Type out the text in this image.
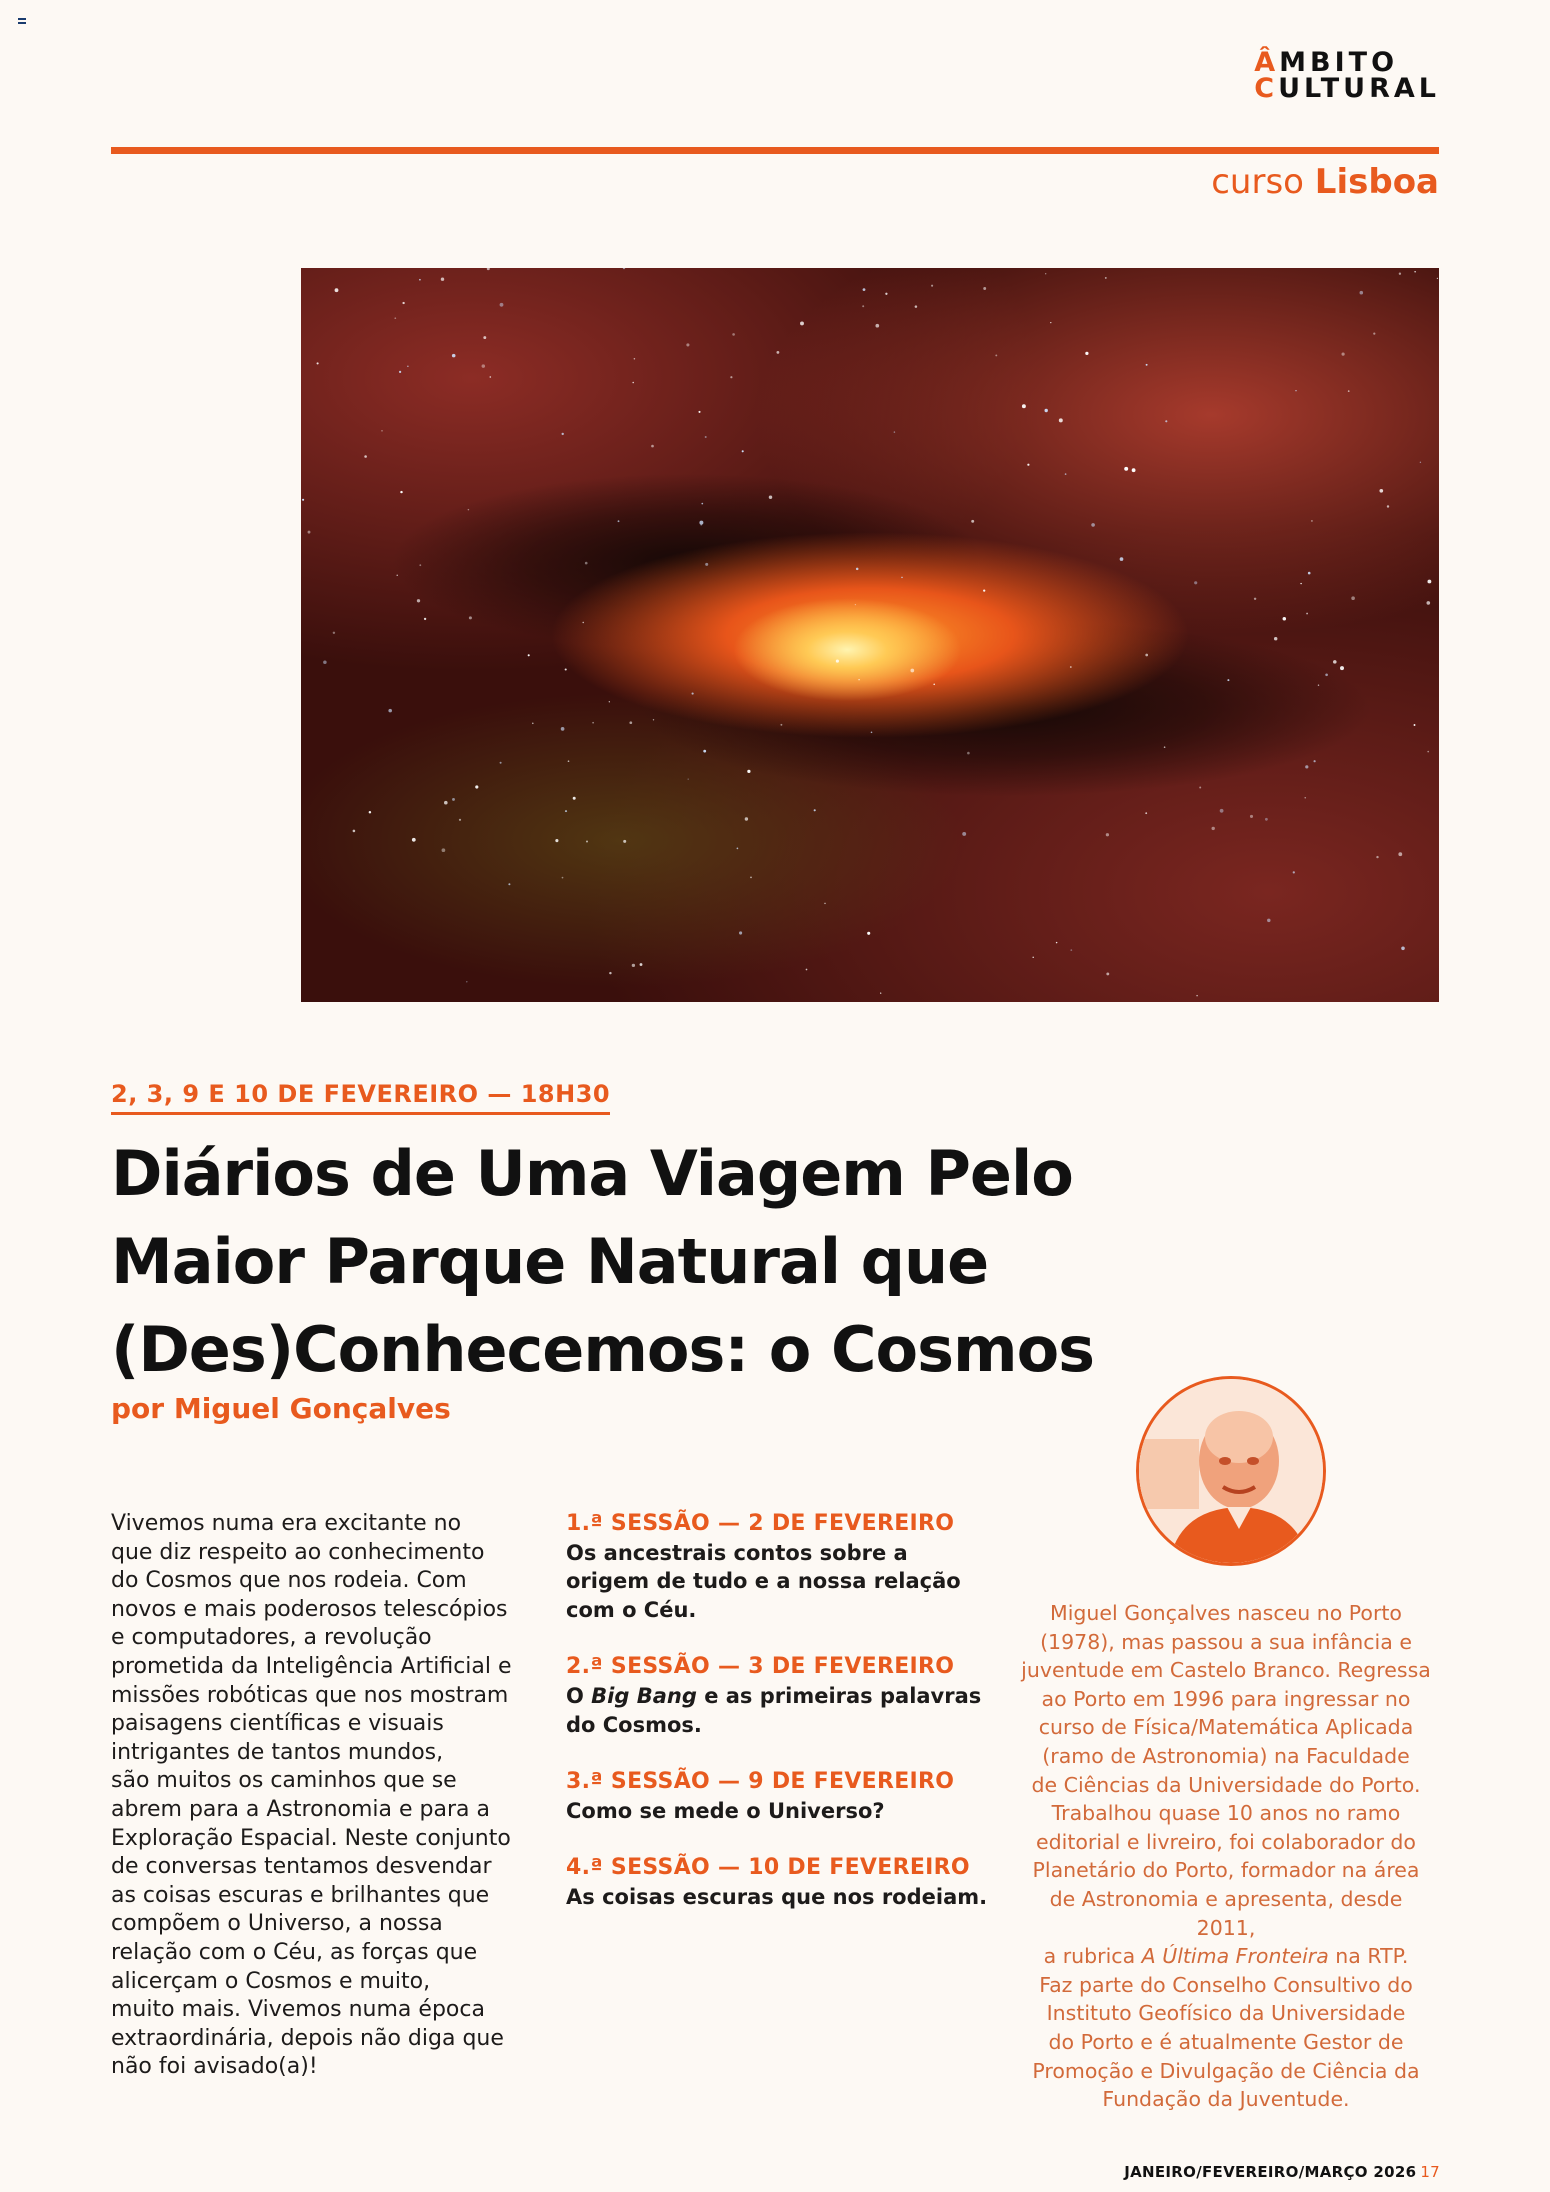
ÂMBITO
CULTURAL
curso Lisboa
2, 3, 9 E 10 DE FEVEREIRO — 18H30
Diários de Uma Viagem Pelo
Maior Parque Natural que
(Des)Conhecemos: o Cosmos
por Miguel Gonçalves
Vivemos numa era excitante no
que diz respeito ao conhecimento
do Cosmos que nos rodeia. Com
novos e mais poderosos telescópios
e computadores, a revolução
prometida da Inteligência Artificial e
missões robóticas que nos mostram
paisagens científicas e visuais
intrigantes de tantos mundos,
são muitos os caminhos que se
abrem para a Astronomia e para a
Exploração Espacial. Neste conjunto
de conversas tentamos desvendar
as coisas escuras e brilhantes que
compõem o Universo, a nossa
relação com o Céu, as forças que
alicerçam o Cosmos e muito,
muito mais. Vivemos numa época
extraordinária, depois não diga que
não foi avisado(a)!
1.ª SESSÃO — 2 DE FEVEREIRO
Os ancestrais contos sobre a
origem de tudo e a nossa relação
com o Céu.
2.ª SESSÃO — 3 DE FEVEREIRO
O Big Bang e as primeiras palavras
do Cosmos.
3.ª SESSÃO — 9 DE FEVEREIRO
Como se mede o Universo?
4.ª SESSÃO — 10 DE FEVEREIRO
As coisas escuras que nos rodeiam.
Miguel Gonçalves nasceu no Porto
(1978), mas passou a sua infância e
juventude em Castelo Branco. Regressa
ao Porto em 1996 para ingressar no
curso de Física/Matemática Aplicada
(ramo de Astronomia) na Faculdade
de Ciências da Universidade do Porto.
Trabalhou quase 10 anos no ramo
editorial e livreiro, foi colaborador do
Planetário do Porto, formador na área
de Astronomia e apresenta, desde 2011,
a rubrica A Última Fronteira na RTP.
Faz parte do Conselho Consultivo do
Instituto Geofísico da Universidade
do Porto e é atualmente Gestor de
Promoção e Divulgação de Ciência da
Fundação da Juventude.
JANEIRO/FEVEREIRO/MARÇO 2026 17
